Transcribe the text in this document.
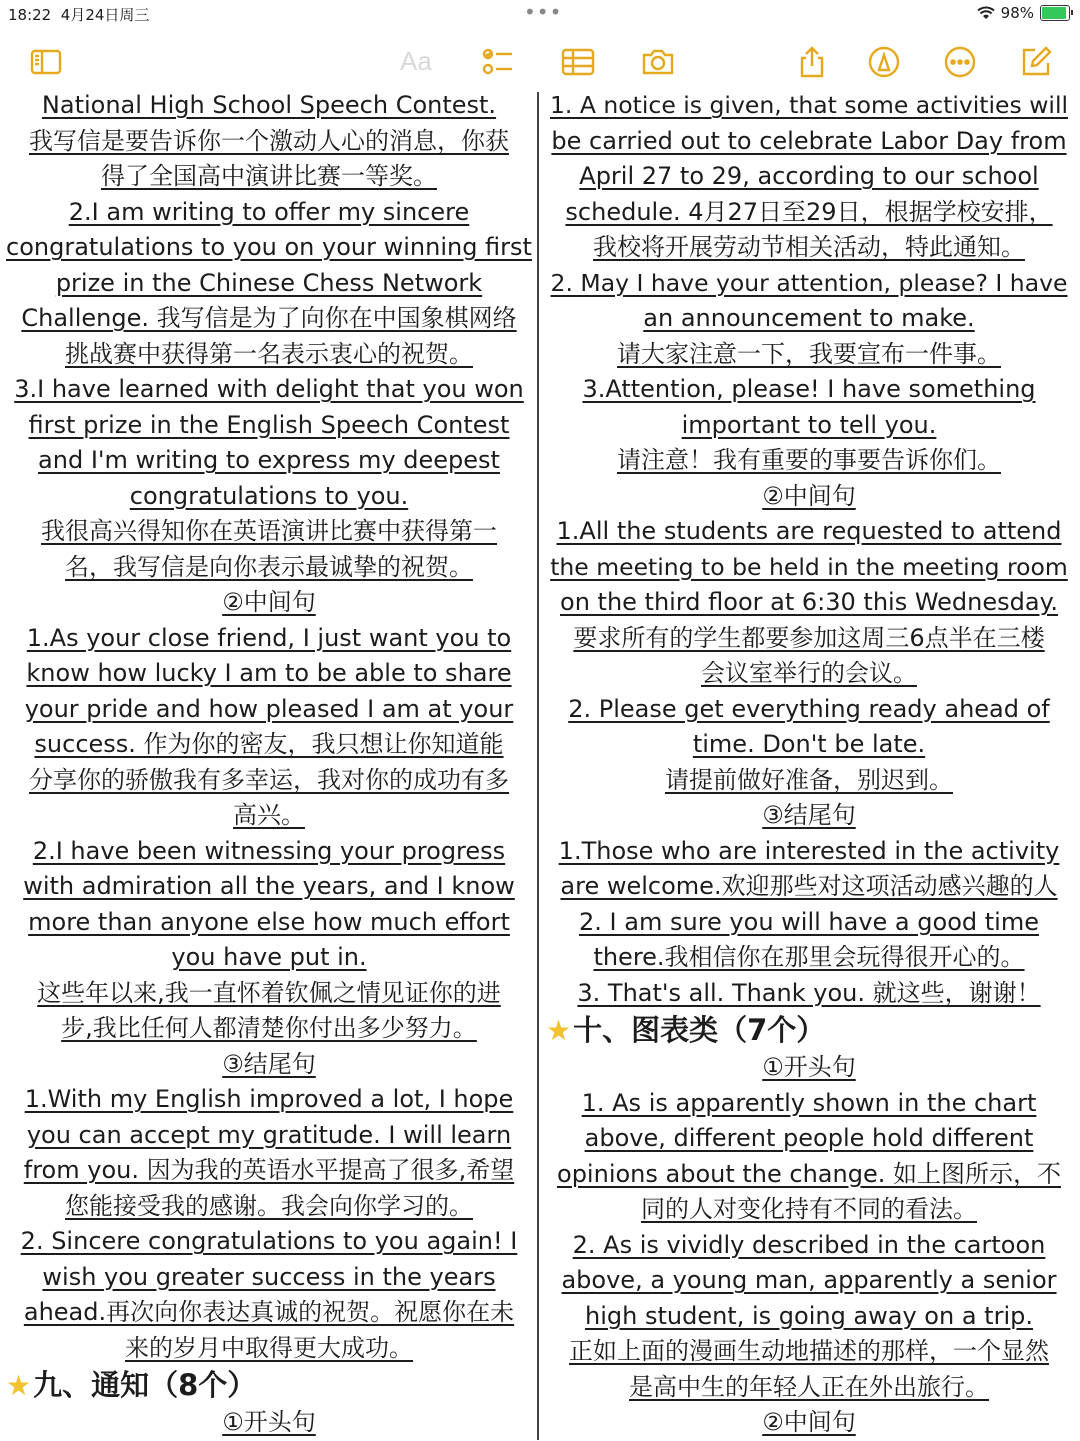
18:22 4月24日周三	•••	98%
Aa
National High School Speech Contest.
我写信是要告诉你一个激动人心的消息，你获
得了全国高中演讲比赛一等奖。
2.I am writing to offer my sincere
congratulations to you on your winning first
prize in the Chinese Chess Network
Challenge. 我写信是为了向你在中国象棋网络
挑战赛中获得第一名表示衷心的祝贺。
3.I have learned with delight that you won
first prize in the English Speech Contest
and I'm writing to express my deepest
congratulations to you.
我很高兴得知你在英语演讲比赛中获得第一
名，我写信是向你表示最诚挚的祝贺。
②中间句
1.As your close friend, I just want you to
know how lucky I am to be able to share
your pride and how pleased I am at your
success. 作为你的密友，我只想让你知道能
分享你的骄傲我有多幸运，我对你的成功有多
高兴。
2.I have been witnessing your progress
with admiration all the years, and I know
more than anyone else how much effort
you have put in.
这些年以来,我一直怀着钦佩之情见证你的进
步,我比任何人都清楚你付出多少努力。
③结尾句
1.With my English improved a lot, I hope
you can accept my gratitude. I will learn
from you. 因为我的英语水平提高了很多,希望
您能接受我的感谢。我会向你学习的。
2. Sincere congratulations to you again! I
wish you greater success in the years
ahead.再次向你表达真诚的祝贺。祝愿你在未
来的岁月中取得更大成功。
★九、通知（8个）
①开头句
1. A notice is given, that some activities will
be carried out to celebrate Labor Day from
April 27 to 29, according to our school
schedule. 4月27日至29日，根据学校安排，
我校将开展劳动节相关活动，特此通知。
2. May I have your attention, please? I have
an announcement to make.
请大家注意一下，我要宣布一件事。
3.Attention, please! I have something
important to tell you.
请注意！我有重要的事要告诉你们。
②中间句
1.All the students are requested to attend
the meeting to be held in the meeting room
on the third floor at 6:30 this Wednesday.
要求所有的学生都要参加这周三6点半在三楼
会议室举行的会议。
2. Please get everything ready ahead of
time. Don't be late.
请提前做好准备，别迟到。
③结尾句
1.Those who are interested in the activity
are welcome.欢迎那些对这项活动感兴趣的人
2. I am sure you will have a good time
there.我相信你在那里会玩得很开心的。
3. That's all. Thank you. 就这些，谢谢！
★十、图表类（7个）
①开头句
1. As is apparently shown in the chart
above, different people hold different
opinions about the change. 如上图所示，不
同的人对变化持有不同的看法。
2. As is vividly described in the cartoon
above, a young man, apparently a senior
high student, is going away on a trip.
正如上面的漫画生动地描述的那样，一个显然
是高中生的年轻人正在外出旅行。
②中间句
